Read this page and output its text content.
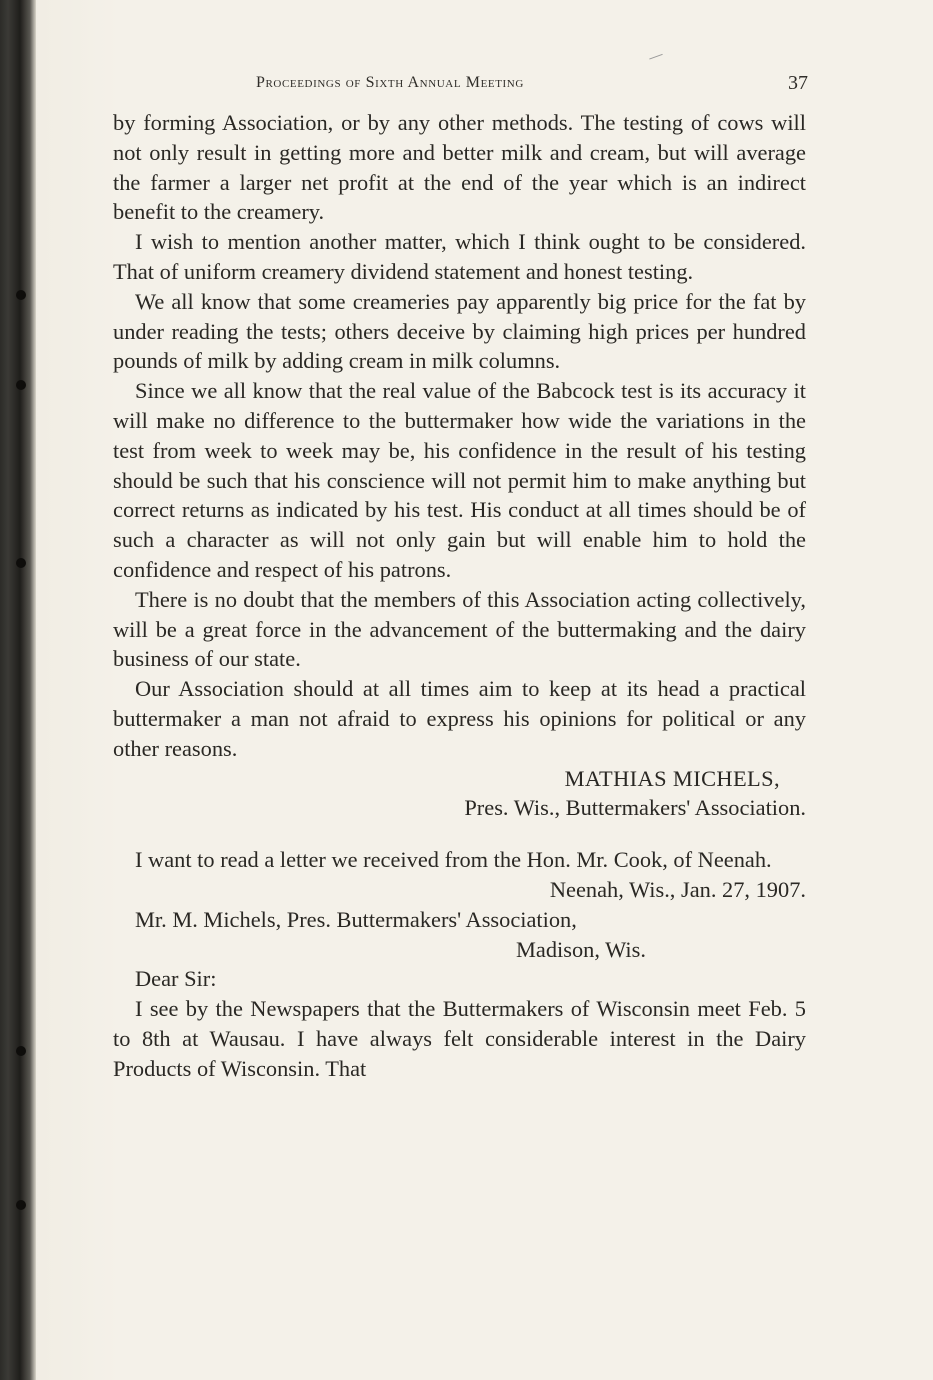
Proceedings of Sixth Annual Meeting	37

by forming Association, or by any other methods. The testing of cows will not only result in getting more and better milk and cream, but will average the farmer a larger net profit at the end of the year which is an indirect benefit to the creamery.

I wish to mention another matter, which I think ought to be considered. That of uniform creamery dividend statement and honest testing.

We all know that some creameries pay apparently big price for the fat by under reading the tests; others deceive by claiming high prices per hundred pounds of milk by adding cream in milk columns.

Since we all know that the real value of the Babcock test is its accuracy it will make no difference to the buttermaker how wide the variations in the test from week to week may be, his confidence in the result of his testing should be such that his conscience will not permit him to make anything but correct returns as indicated by his test. His conduct at all times should be of such a character as will not only gain but will enable him to hold the confidence and respect of his patrons.

There is no doubt that the members of this Association acting collectively, will be a great force in the advancement of the buttermaking and the dairy business of our state.

Our Association should at all times aim to keep at its head a practical buttermaker a man not afraid to express his opinions for political or any other reasons.

MATHIAS MICHELS,

Pres. Wis., Buttermakers' Association.

I want to read a letter we received from the Hon. Mr. Cook, of Neenah.

Neenah, Wis., Jan. 27, 1907.

Mr. M. Michels, Pres. Buttermakers' Association,

Madison, Wis.

Dear Sir:

I see by the Newspapers that the Buttermakers of Wisconsin meet Feb. 5 to 8th at Wausau. I have always felt considerable interest in the Dairy Products of Wisconsin. That
